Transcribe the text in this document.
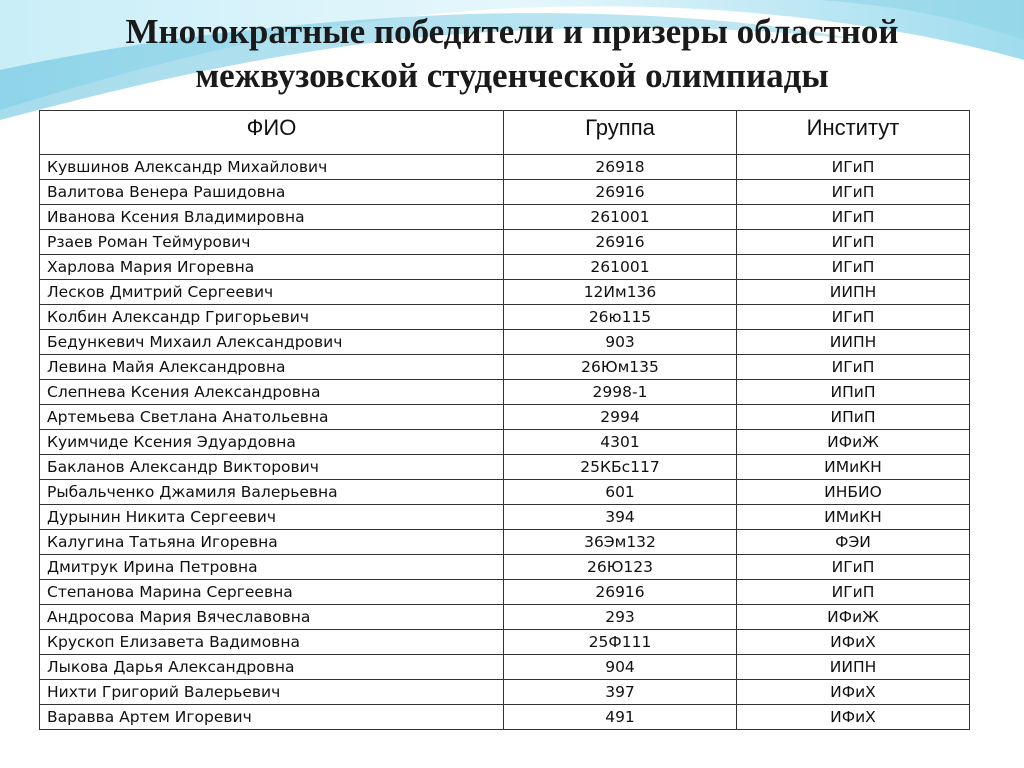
Многократные победители и призеры областной
межвузовской студенческой олимпиады
ФИО	Группа	Институт
Кувшинов Александр Михайлович	26918	ИГиП
Валитова Венера Рашидовна	26916	ИГиП
Иванова Ксения Владимировна	261001	ИГиП
Рзаев Роман Теймурович	26916	ИГиП
Харлова Мария Игоревна	261001	ИГиП
Лесков Дмитрий Сергеевич	12Им136	ИИПН
Колбин Александр Григорьевич	26ю115	ИГиП
Бедункевич Михаил Александрович	903	ИИПН
Левина Майя Александровна	26Юм135	ИГиП
Слепнева Ксения Александровна	2998-1	ИПиП
Артемьева Светлана Анатольевна	2994	ИПиП
Куимчиде Ксения Эдуардовна	4301	ИФиЖ
Бакланов Александр Викторович	25КБс117	ИМиКН
Рыбальченко Джамиля Валерьевна	601	ИНБИО
Дурынин Никита Сергеевич	394	ИМиКН
Калугина Татьяна Игоревна	36Эм132	ФЭИ
Дмитрук Ирина Петровна	26Ю123	ИГиП
Степанова Марина Сергеевна	26916	ИГиП
Андросова Мария Вячеславовна	293	ИФиЖ
Крускоп Елизавета Вадимовна	25Ф111	ИФиХ
Лыкова Дарья Александровна	904	ИИПН
Нихти Григорий Валерьевич	397	ИФиХ
Варавва Артем Игоревич	491	ИФиХ
